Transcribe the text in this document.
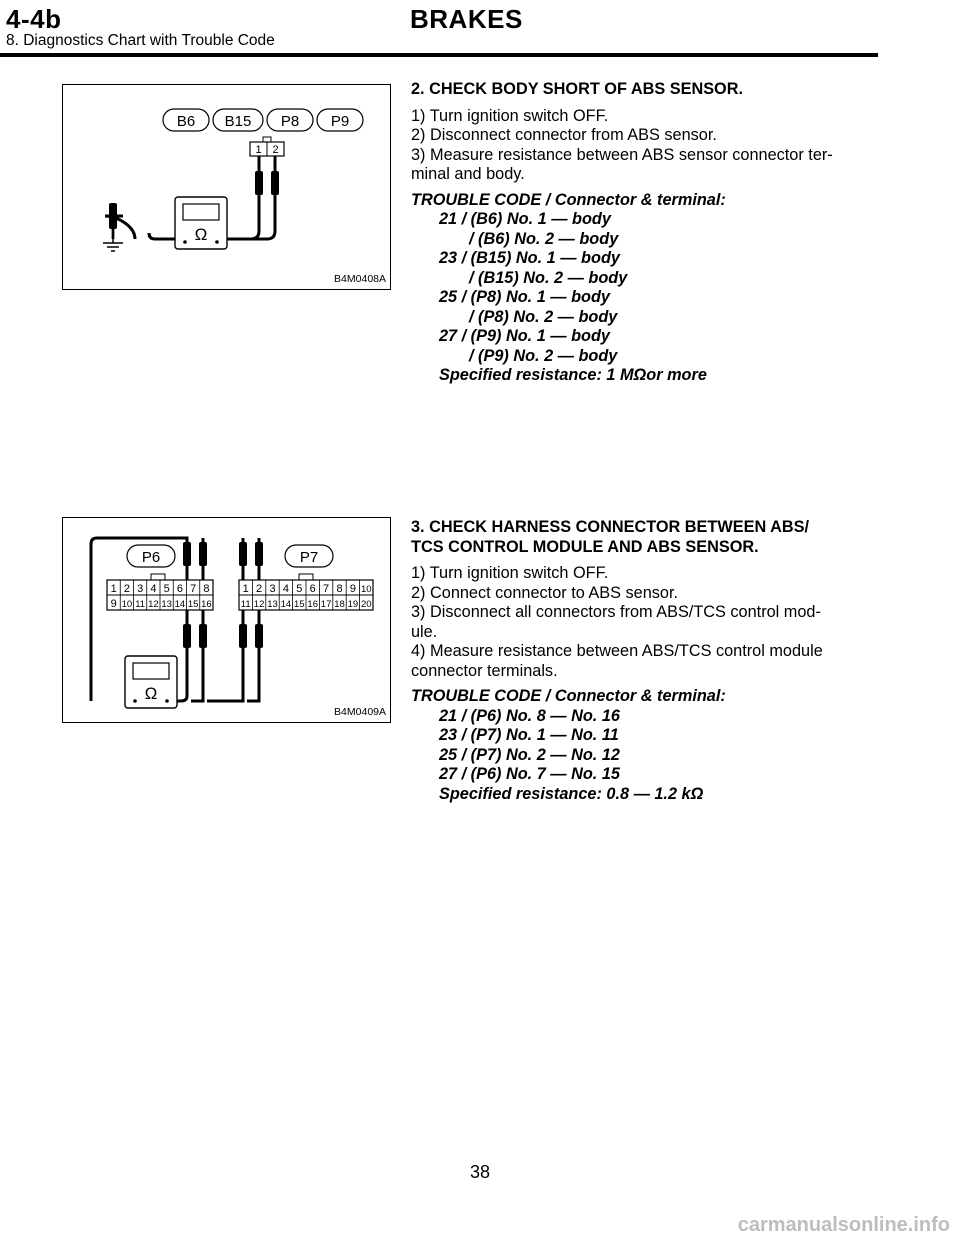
4-4b	BRAKES
8. Diagnostics Chart with Trouble Code
B6 B15 P8 P9
1 2
Ω
B4M0408A
P6	P7
1
9
2
10
3
11
4
12
5
13
6
14
7
15
8
16
1
11
2
12
3
13
4
14
5
15
6
16
7
17
8
18
9
19
10
20
Ω
B4M0409A

2. CHECK BODY SHORT OF ABS SENSOR.

1) Turn ignition switch OFF.

2) Disconnect connector from ABS sensor.

3) Measure resistance between ABS sensor connector ter-

minal and body.

TROUBLE CODE / Connector & terminal:

21 / (B6) No. 1 — body

/ (B6) No. 2 — body

23 / (B15) No. 1 — body

/ (B15) No. 2 — body

25 / (P8) No. 1 — body

/ (P8) No. 2 — body

27 / (P9) No. 1 — body

/ (P9) No. 2 — body

Specified resistance: 1 MΩor more

3. CHECK HARNESS CONNECTOR BETWEEN ABS/

TCS CONTROL MODULE AND ABS SENSOR.

1) Turn ignition switch OFF.

2) Connect connector to ABS sensor.

3) Disconnect all connectors from ABS/TCS control mod-

ule.

4) Measure resistance between ABS/TCS control module

connector terminals.

TROUBLE CODE / Connector & terminal:

21 / (P6) No. 8 — No. 16

23 / (P7) No. 1 — No. 11

25 / (P7) No. 2 — No. 12

27 / (P6) No. 7 — No. 15

Specified resistance: 0.8 — 1.2 kΩ

38
carmanualsonline.info
